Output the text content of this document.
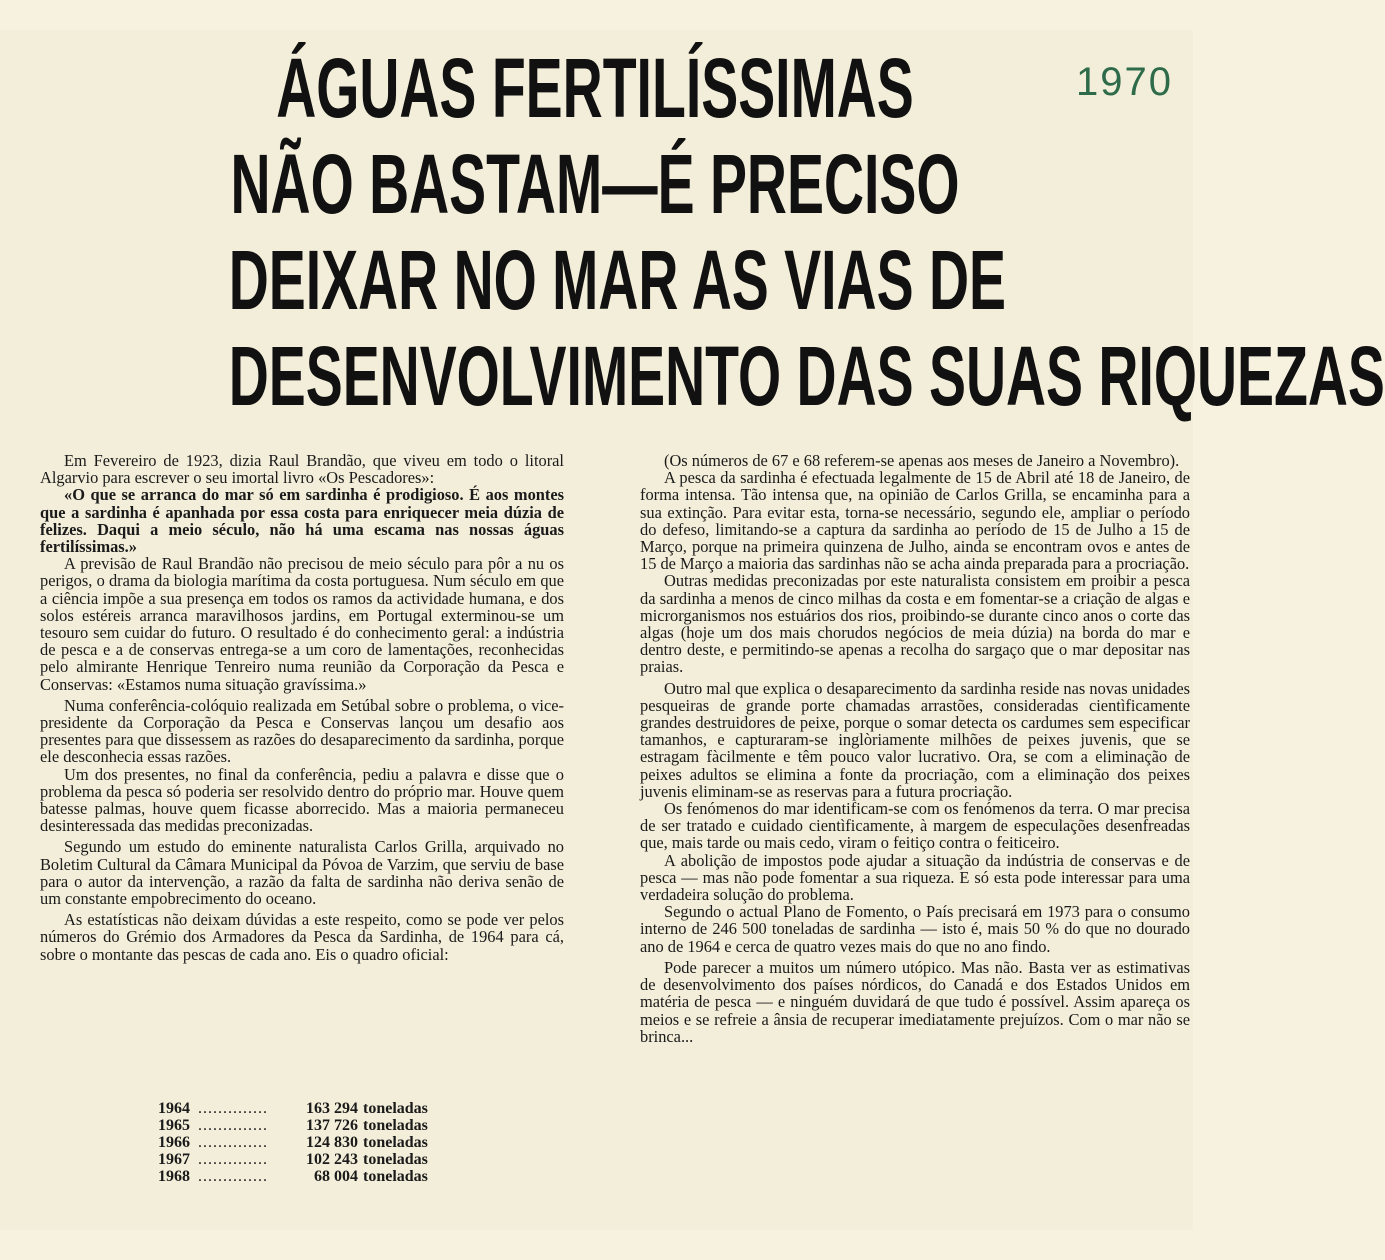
1970
ÁGUAS FERTILÍSSIMAS
NÃO BASTAM—É PRECISO
DEIXAR NO MAR AS VIAS DE
DESENVOLVIMENTO DAS SUAS RIQUEZAS

Em Fevereiro de 1923, dizia Raul Brandão, que viveu em todo o litoral Algarvio para escrever o seu imortal livro «Os Pescadores»:

«O que se arranca do mar só em sardinha é prodigioso. É aos montes que a sardinha é apanhada por essa costa para enriquecer meia dúzia de felizes. Daqui a meio século, não há uma escama nas nossas águas fertilíssimas.»

A previsão de Raul Brandão não precisou de meio século para pôr a nu os perigos, o drama da biologia marítima da costa portuguesa. Num século em que a ciência impõe a sua presença em todos os ramos da actividade humana, e dos solos estéreis arranca maravilhosos jardins, em Portugal exterminou-se um tesouro sem cuidar do futuro. O resultado é do conhecimento geral: a indústria de pesca e a de conservas entrega-se a um coro de lamentações, reconhecidas pelo almirante Henrique Tenreiro numa reunião da Corporação da Pesca e Conservas: «Estamos numa situação gravíssima.»

Numa conferência-colóquio realizada em Setúbal sobre o problema, o vice-presidente da Corporação da Pesca e Conservas lançou um desafio aos presentes para que dissessem as razões do desaparecimento da sardinha, porque ele desconhecia essas razões.

Um dos presentes, no final da conferência, pediu a palavra e disse que o problema da pesca só poderia ser resolvido dentro do próprio mar. Houve quem batesse palmas, houve quem ficasse aborrecido. Mas a maioria permaneceu desinteressada das medidas preconizadas.

Segundo um estudo do eminente naturalista Carlos Grilla, arquivado no Boletim Cultural da Câmara Municipal da Póvoa de Varzim, que serviu de base para o autor da intervenção, a razão da falta de sardinha não deriva senão de um constante empobrecimento do oceano.

As estatísticas não deixam dúvidas a este respeito, como se pode ver pelos números do Grémio dos Armadores da Pesca da Sardinha, de 1964 para cá, sobre o montante das pescas de cada ano. Eis o quadro oficial:

1964 ..............	163 294 toneladas
1965 ..............	137 726 toneladas
1966 ..............	124 830 toneladas
1967 ..............	102 243 toneladas
1968 ..............	68 004 toneladas

(Os números de 67 e 68 referem-se apenas aos meses de Janeiro a Novembro).

A pesca da sardinha é efectuada legalmente de 15 de Abril até 18 de Janeiro, de forma intensa. Tão intensa que, na opinião de Carlos Grilla, se encaminha para a sua extinção. Para evitar esta, torna-se necessário, segundo ele, ampliar o período do defeso, limitando-se a captura da sardinha ao período de 15 de Julho a 15 de Março, porque na primeira quinzena de Julho, ainda se encontram ovos e antes de 15 de Março a maioria das sardinhas não se acha ainda preparada para a procriação.

Outras medidas preconizadas por este naturalista consistem em proibir a pesca da sardinha a menos de cinco milhas da costa e em fomentar-se a criação de algas e microrganismos nos estuários dos rios, proibindo-se durante cinco anos o corte das algas (hoje um dos mais chorudos negócios de meia dúzia) na borda do mar e dentro deste, e permitindo-se apenas a recolha do sargaço que o mar depositar nas praias.

Outro mal que explica o desaparecimento da sardinha reside nas novas unidades pesqueiras de grande porte chamadas arrastões, consideradas cientìficamente grandes destruidores de peixe, porque o somar detecta os cardumes sem especificar tamanhos, e capturaram-se inglòriamente milhões de peixes juvenis, que se estragam fàcilmente e têm pouco valor lucrativo. Ora, se com a eliminação de peixes adultos se elimina a fonte da procriação, com a eliminação dos peixes juvenis eliminam-se as reservas para a futura procriação.

Os fenómenos do mar identificam-se com os fenómenos da terra. O mar precisa de ser tratado e cuidado cientìficamente, à margem de especulações desenfreadas que, mais tarde ou mais cedo, viram o feitiço contra o feiticeiro.

A abolição de impostos pode ajudar a situação da indústria de conservas e de pesca — mas não pode fomentar a sua riqueza. E só esta pode interessar para uma verdadeira solução do problema.

Segundo o actual Plano de Fomento, o País precisará em 1973 para o consumo interno de 246 500 toneladas de sardinha — isto é, mais 50 % do que no dourado ano de 1964 e cerca de quatro vezes mais do que no ano findo.

Pode parecer a muitos um número utópico. Mas não. Basta ver as estimativas de desenvolvimento dos países nórdicos, do Canadá e dos Estados Unidos em matéria de pesca — e ninguém duvidará de que tudo é possível. Assim apareça os meios e se refreie a ânsia de recuperar imediatamente prejuízos. Com o mar não se brinca...
